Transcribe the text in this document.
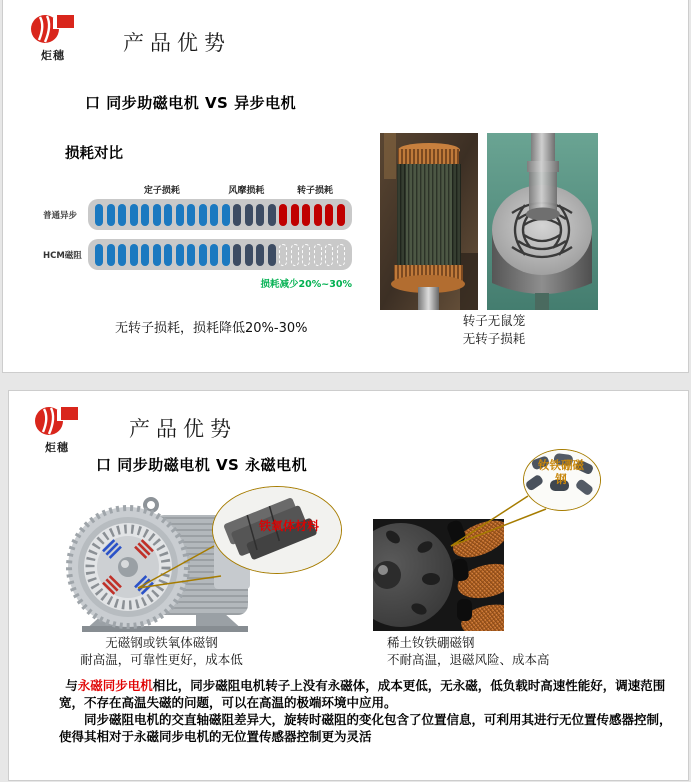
炬穗
产品优势
口 同步助磁电机 VS 异步电机
损耗对比
定子损耗	风摩损耗	转子损耗
普通异步
HCM磁阻
损耗减少20%~30%
无转子损耗，损耗降低20%-30%
转子无鼠笼
无转子损耗
炬穗
产品优势
口 同步助磁电机 VS 永磁电机
铁氧体材料
钕铁硼磁
钢
无磁钢或铁氧体磁钢
耐高温，可靠性更好，成本低
稀土钕铁硼磁钢
不耐高温，退磁风险、成本高

与永磁同步电机相比，同步磁阻电机转子上没有永磁体，成本更低，无永磁，低负载时高速性能好，调速范围宽，不存在高温失磁的问题，可以在高温的极端环境中应用。

同步磁阻电机的交直轴磁阻差异大，旋转时磁阻的变化包含了位置信息，可利用其进行无位置传感器控制，使得其相对于永磁同步电机的无位置传感器控制更为灵活
